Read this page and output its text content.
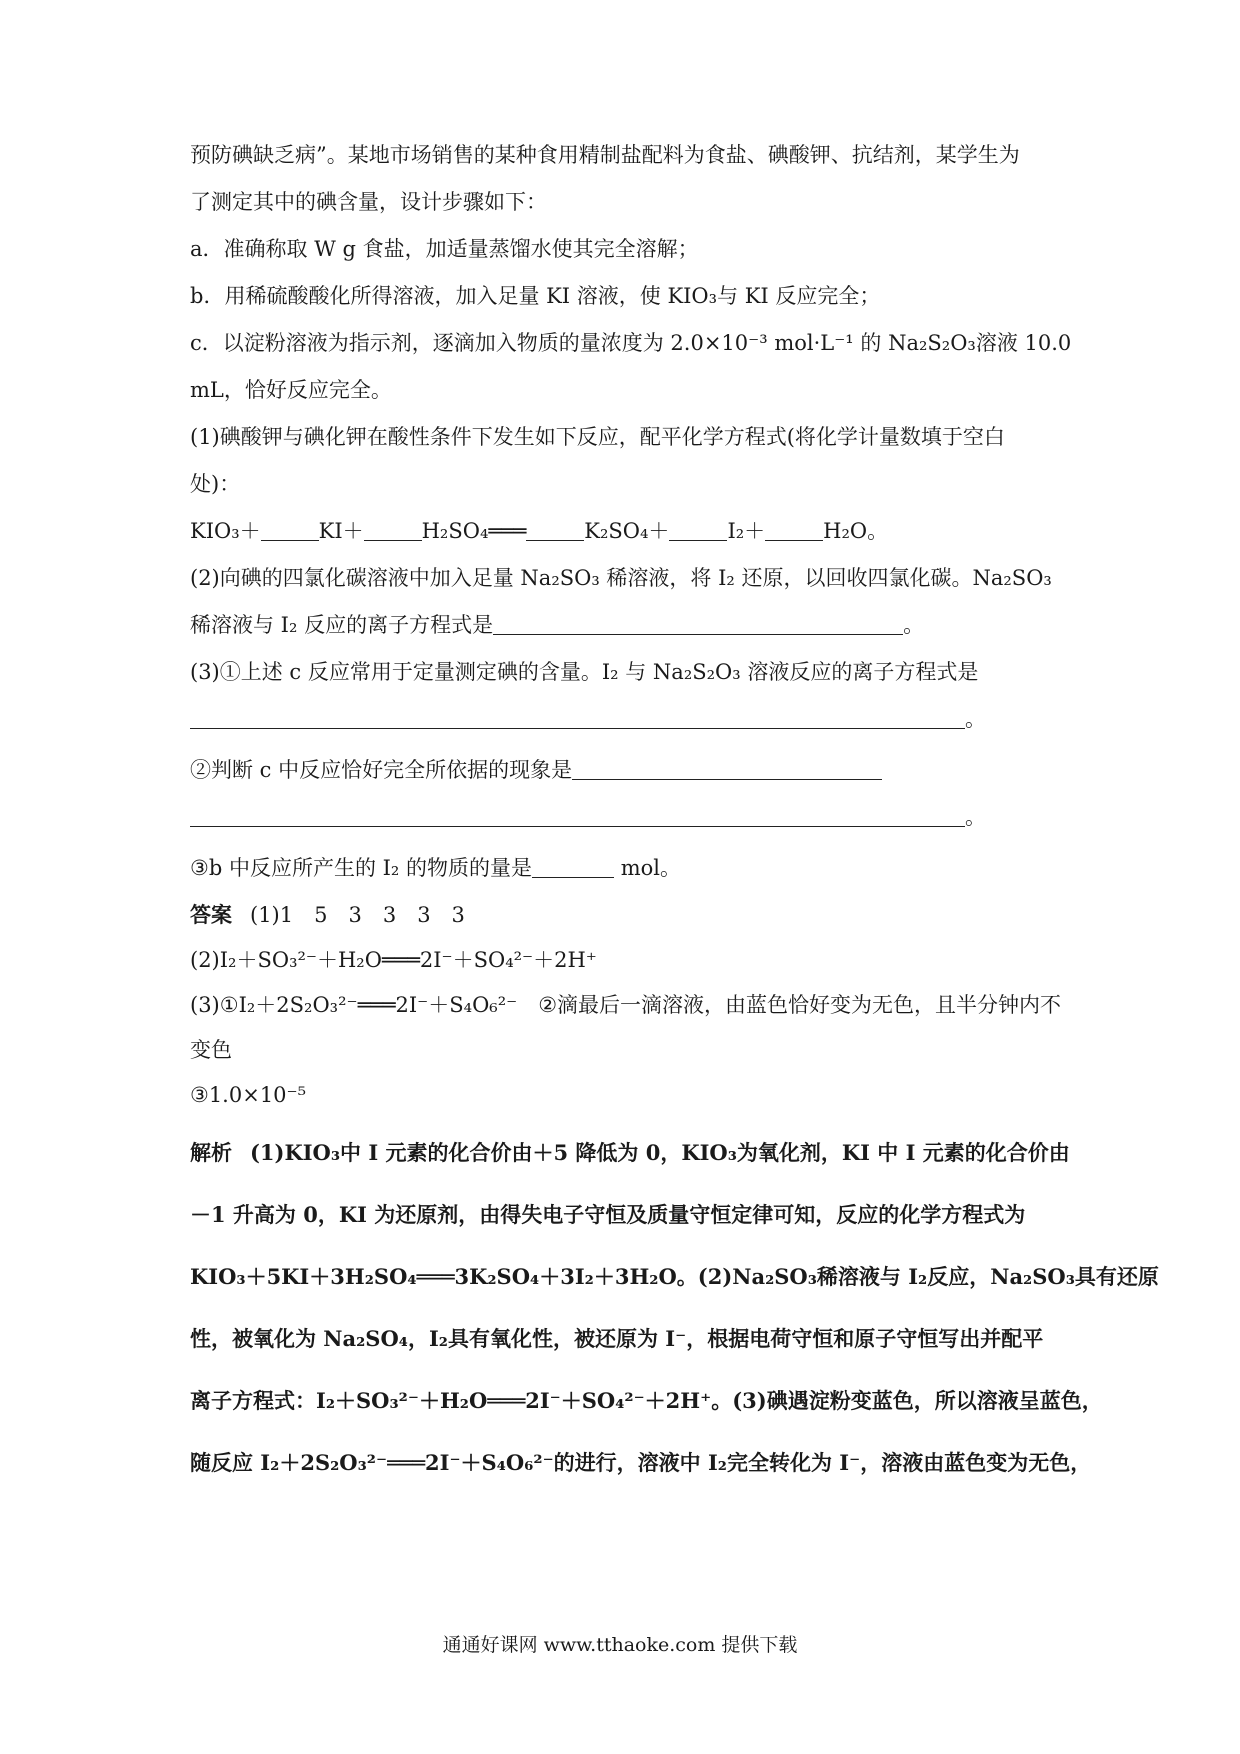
预防碘缺乏病”。某地市场销售的某种食用精制盐配料为食盐、碘酸钾、抗结剂，某学生为
了测定其中的碘含量，设计步骤如下：
a．准确称取 W g 食盐，加适量蒸馏水使其完全溶解；
b．用稀硫酸酸化所得溶液，加入足量 KI 溶液，使 KIO₃与 KI 反应完全；
c．以淀粉溶液为指示剂，逐滴加入物质的量浓度为 2.0×10⁻³ mol·L⁻¹ 的 Na₂S₂O₃溶液 10.0
mL，恰好反应完全。
(1)碘酸钾与碘化钾在酸性条件下发生如下反应，配平化学方程式(将化学计量数填于空白
处)：
KIO₃＋	KI＋	H₂SO₄═══	K₂SO₄＋	I₂＋	H₂O。
(2)向碘的四氯化碳溶液中加入足量 Na₂SO₃ 稀溶液，将 I₂ 还原，以回收四氯化碳。Na₂SO₃
稀溶液与 I₂ 反应的离子方程式是	。
(3)①上述 c 反应常用于定量测定碘的含量。I₂ 与 Na₂S₂O₃ 溶液反应的离子方程式是
。
②判断 c 中反应恰好完全所依据的现象是
。
③b 中反应所产生的 I₂ 的物质的量是	mol。
答案 (1)1　5　3　3　3　3
(2)I₂＋SO₃²⁻＋H₂O═══2I⁻＋SO₄²⁻＋2H⁺
(3)①I₂＋2S₂O₃²⁻═══2I⁻＋S₄O₆²⁻　②滴最后一滴溶液，由蓝色恰好变为无色，且半分钟内不
变色
③1.0×10⁻⁵
解析 (1)KIO₃中 I 元素的化合价由＋5 降低为 0，KIO₃为氧化剂，KI 中 I 元素的化合价由
－1 升高为 0，KI 为还原剂，由得失电子守恒及质量守恒定律可知，反应的化学方程式为
KIO₃＋5KI＋3H₂SO₄═══3K₂SO₄＋3I₂＋3H₂O。(2)Na₂SO₃稀溶液与 I₂反应，Na₂SO₃具有还原
性，被氧化为 Na₂SO₄，I₂具有氧化性，被还原为 I⁻，根据电荷守恒和原子守恒写出并配平
离子方程式：I₂＋SO₃²⁻＋H₂O═══2I⁻＋SO₄²⁻＋2H⁺。(3)碘遇淀粉变蓝色，所以溶液呈蓝色，
随反应 I₂＋2S₂O₃²⁻═══2I⁻＋S₄O₆²⁻的进行，溶液中 I₂完全转化为 I⁻，溶液由蓝色变为无色，
通通好课网 www.tthaoke.com 提供下载
